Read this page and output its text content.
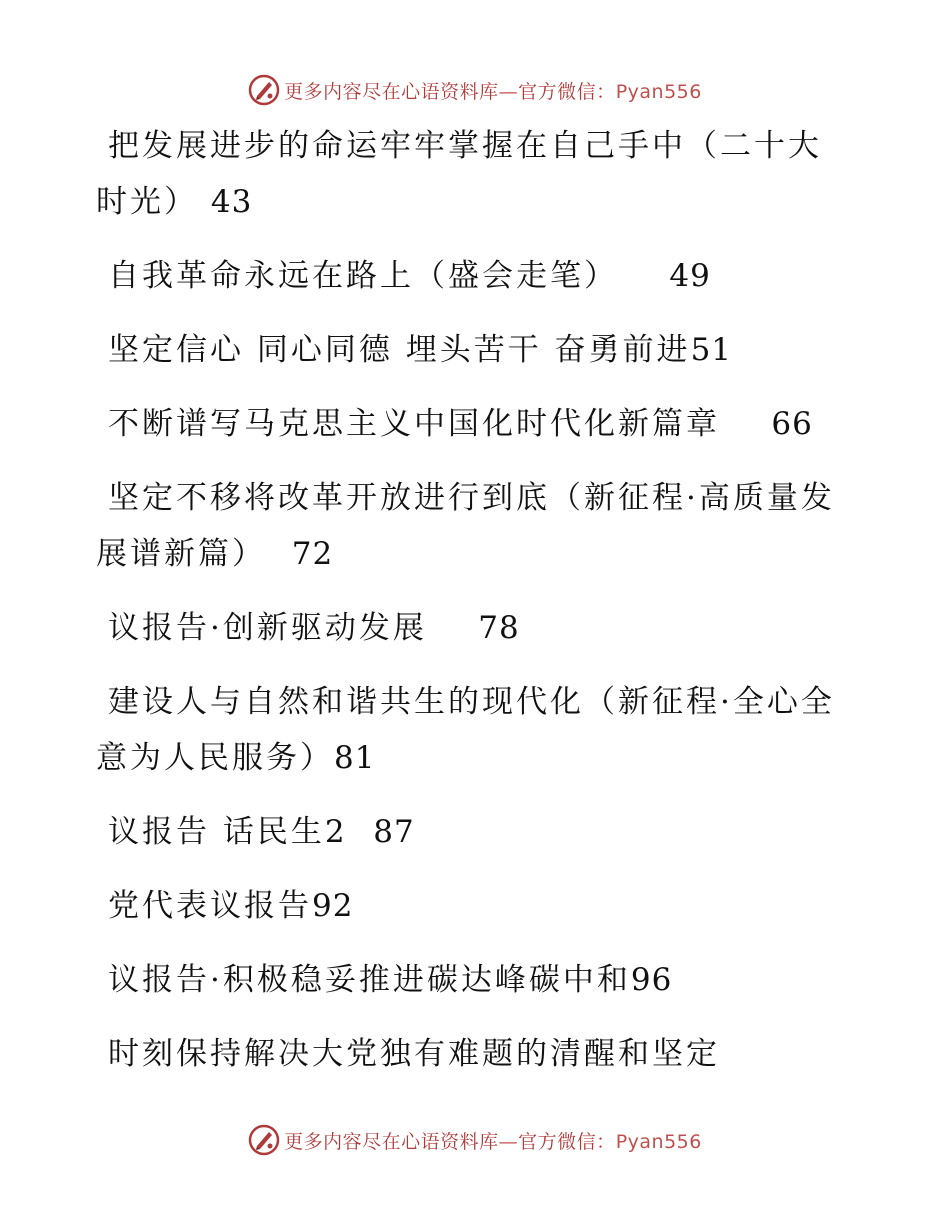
更多内容尽在心语资料库—官方微信：Pyan556
把发展进步的命运牢牢掌握在自己手中（二十大时光） 43
自我革命永远在路上（盛会走笔） 49
坚定信心 同心同德 埋头苦干 奋勇前进51
不断谱写马克思主义中国化时代化新篇章 66
坚定不移将改革开放进行到底（新征程·高质量发展谱新篇） 72
议报告·创新驱动发展 78
建设人与自然和谐共生的现代化（新征程·全心全意为人民服务）81
议报告 话民生2 87
党代表议报告92
议报告·积极稳妥推进碳达峰碳中和96
时刻保持解决大党独有难题的清醒和坚定
更多内容尽在心语资料库—官方微信：Pyan556
